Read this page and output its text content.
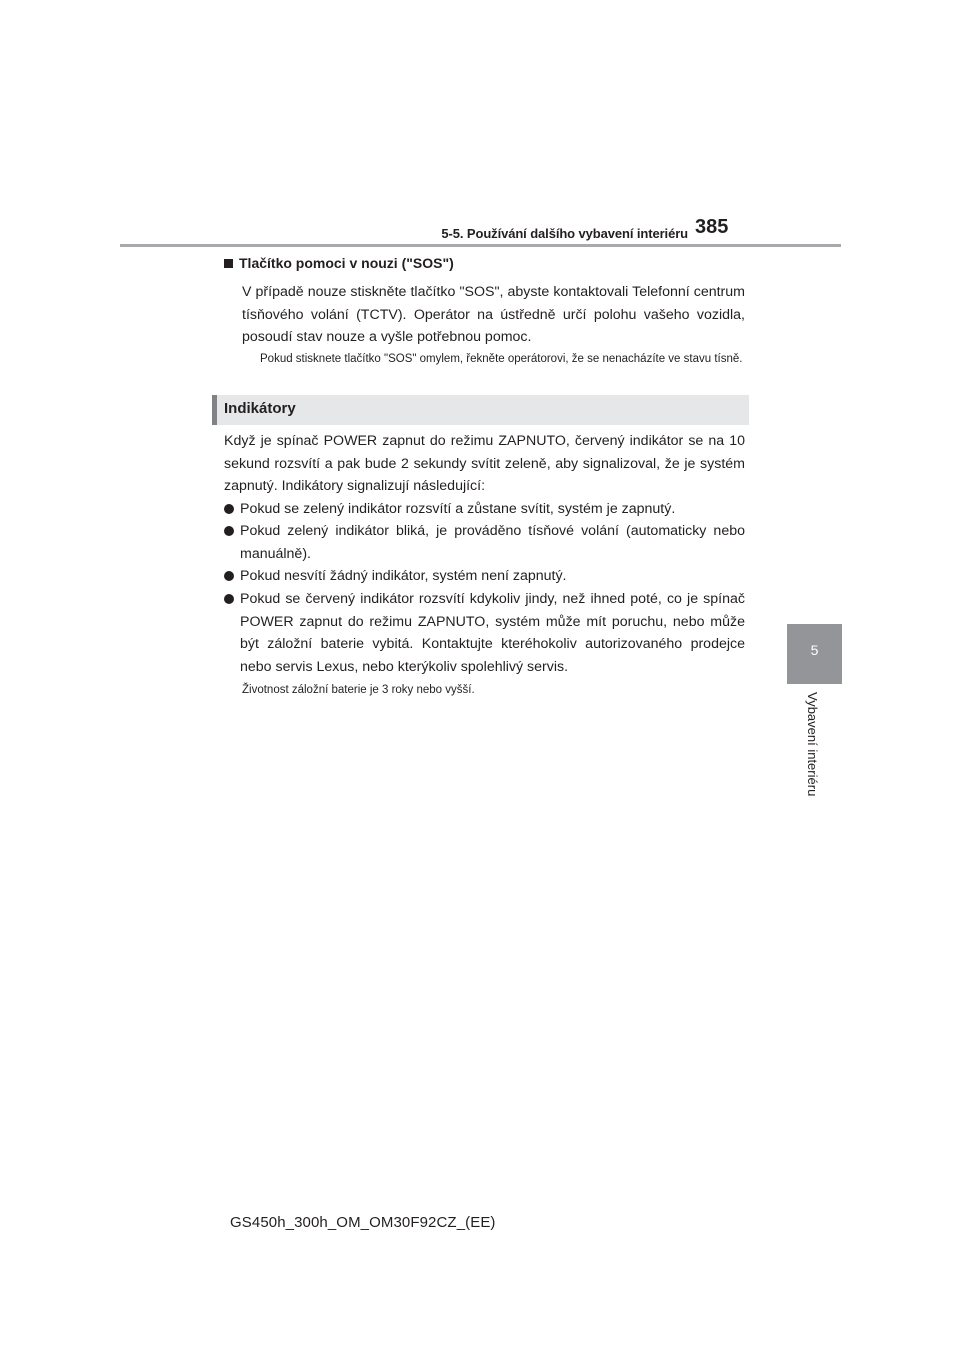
5-5. Používání dalšího vybavení interiéru 385
5
Vybavení interiéru
Tlačítko pomoci v nouzi ("SOS")
V případě nouze stiskněte tlačítko "SOS", abyste kontaktovali Telefonní centrum tísňového volání (TCTV). Operátor na ústředně určí polohu vašeho vozidla, posoudí stav nouze a vyšle potřebnou pomoc.
Pokud stisknete tlačítko "SOS" omylem, řekněte operátorovi, že se nenacházíte ve stavu tísně.
Indikátory
Když je spínač POWER zapnut do režimu ZAPNUTO, červený indikátor se na 10 sekund rozsvítí a pak bude 2 sekundy svítit zeleně, aby signalizoval, že je systém zapnutý. Indikátory signalizují následující:
Pokud se zelený indikátor rozsvítí a zůstane svítit, systém je zapnutý.
Pokud zelený indikátor bliká, je prováděno tísňové volání (automaticky nebo manuálně).
Pokud nesvítí žádný indikátor, systém není zapnutý.
Pokud se červený indikátor rozsvítí kdykoliv jindy, než ihned poté, co je spínač POWER zapnut do režimu ZAPNUTO, systém může mít poruchu, nebo může být záložní baterie vybitá. Kontaktujte kteréhokoliv autorizovaného prodejce nebo servis Lexus, nebo kterýkoliv spolehlivý servis.
Životnost záložní baterie je 3 roky nebo vyšší.
GS450h_300h_OM_OM30F92CZ_(EE)
